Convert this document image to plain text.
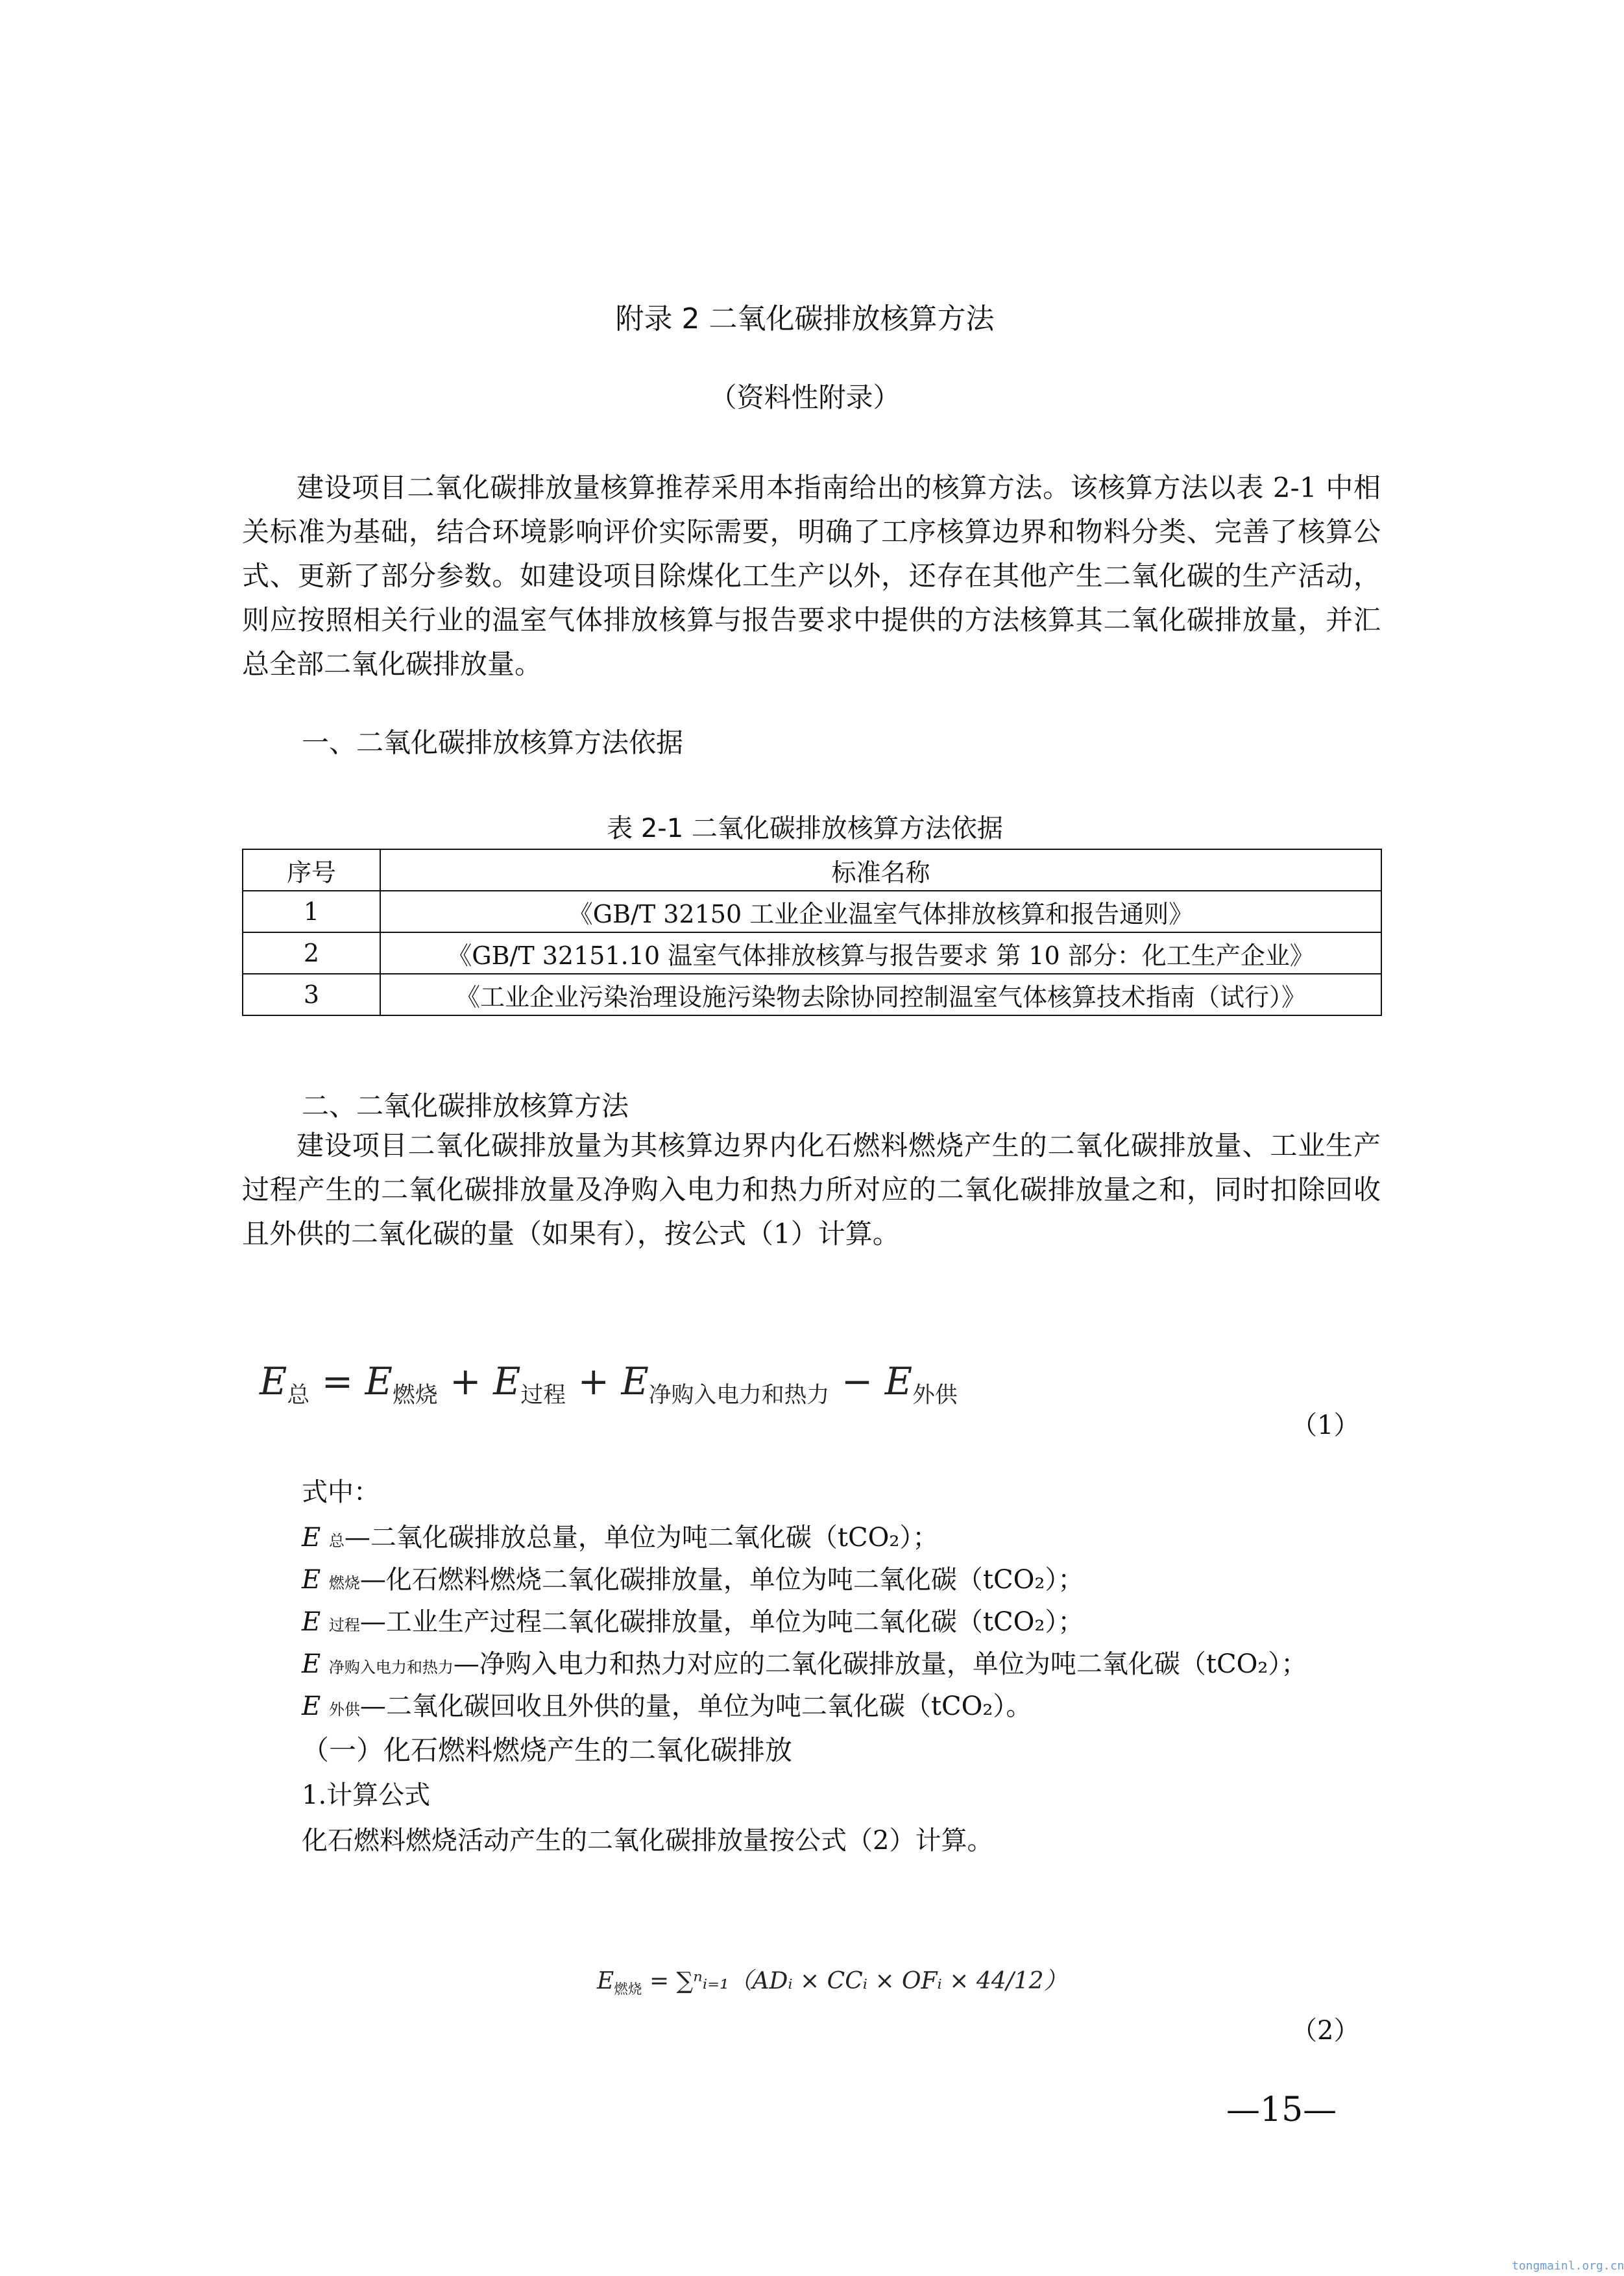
附录 2 二氧化碳排放核算方法
（资料性附录）
建设项目二氧化碳排放量核算推荐采用本指南给出的核算方法。该核算方法以表 2-1 中相关标准为基础，结合环境影响评价实际需要，明确了工序核算边界和物料分类、完善了核算公式、更新了部分参数。如建设项目除煤化工生产以外，还存在其他产生二氧化碳的生产活动，则应按照相关行业的温室气体排放核算与报告要求中提供的方法核算其二氧化碳排放量，并汇总全部二氧化碳排放量。
一、二氧化碳排放核算方法依据
表 2-1 二氧化碳排放核算方法依据
序号	标准名称
1	《GB/T 32150 工业企业温室气体排放核算和报告通则》
2	《GB/T 32151.10 温室气体排放核算与报告要求 第 10 部分：化工生产企业》
3	《工业企业污染治理设施污染物去除协同控制温室气体核算技术指南（试行）》
二、二氧化碳排放核算方法
建设项目二氧化碳排放量为其核算边界内化石燃料燃烧产生的二氧化碳排放量、工业生产过程产生的二氧化碳排放量及净购入电力和热力所对应的二氧化碳排放量之和，同时扣除回收且外供的二氧化碳的量（如果有），按公式（1）计算。
$E_总 = E_{燃烧} + E_{过程} + E_{净购入电力和热力} - E_{外供}$
（1）
式中：
E 总—二氧化碳排放总量，单位为吨二氧化碳（tCO₂）；
E 燃烧—化石燃料燃烧二氧化碳排放量，单位为吨二氧化碳（tCO₂）；
E 过程—工业生产过程二氧化碳排放量，单位为吨二氧化碳（tCO₂）；
E 净购入电力和热力—净购入电力和热力对应的二氧化碳排放量，单位为吨二氧化碳（tCO₂）；
E 外供—二氧化碳回收且外供的量，单位为吨二氧化碳（tCO₂）。
（一）化石燃料燃烧产生的二氧化碳排放
1.计算公式
化石燃料燃烧活动产生的二氧化碳排放量按公式（2）计算。
$E_{燃烧}$ = ∑ⁿᵢ₌₁（ADᵢ × CCᵢ × OFᵢ × 44/12）
（2）
—15—
tongmainl.org.cn
